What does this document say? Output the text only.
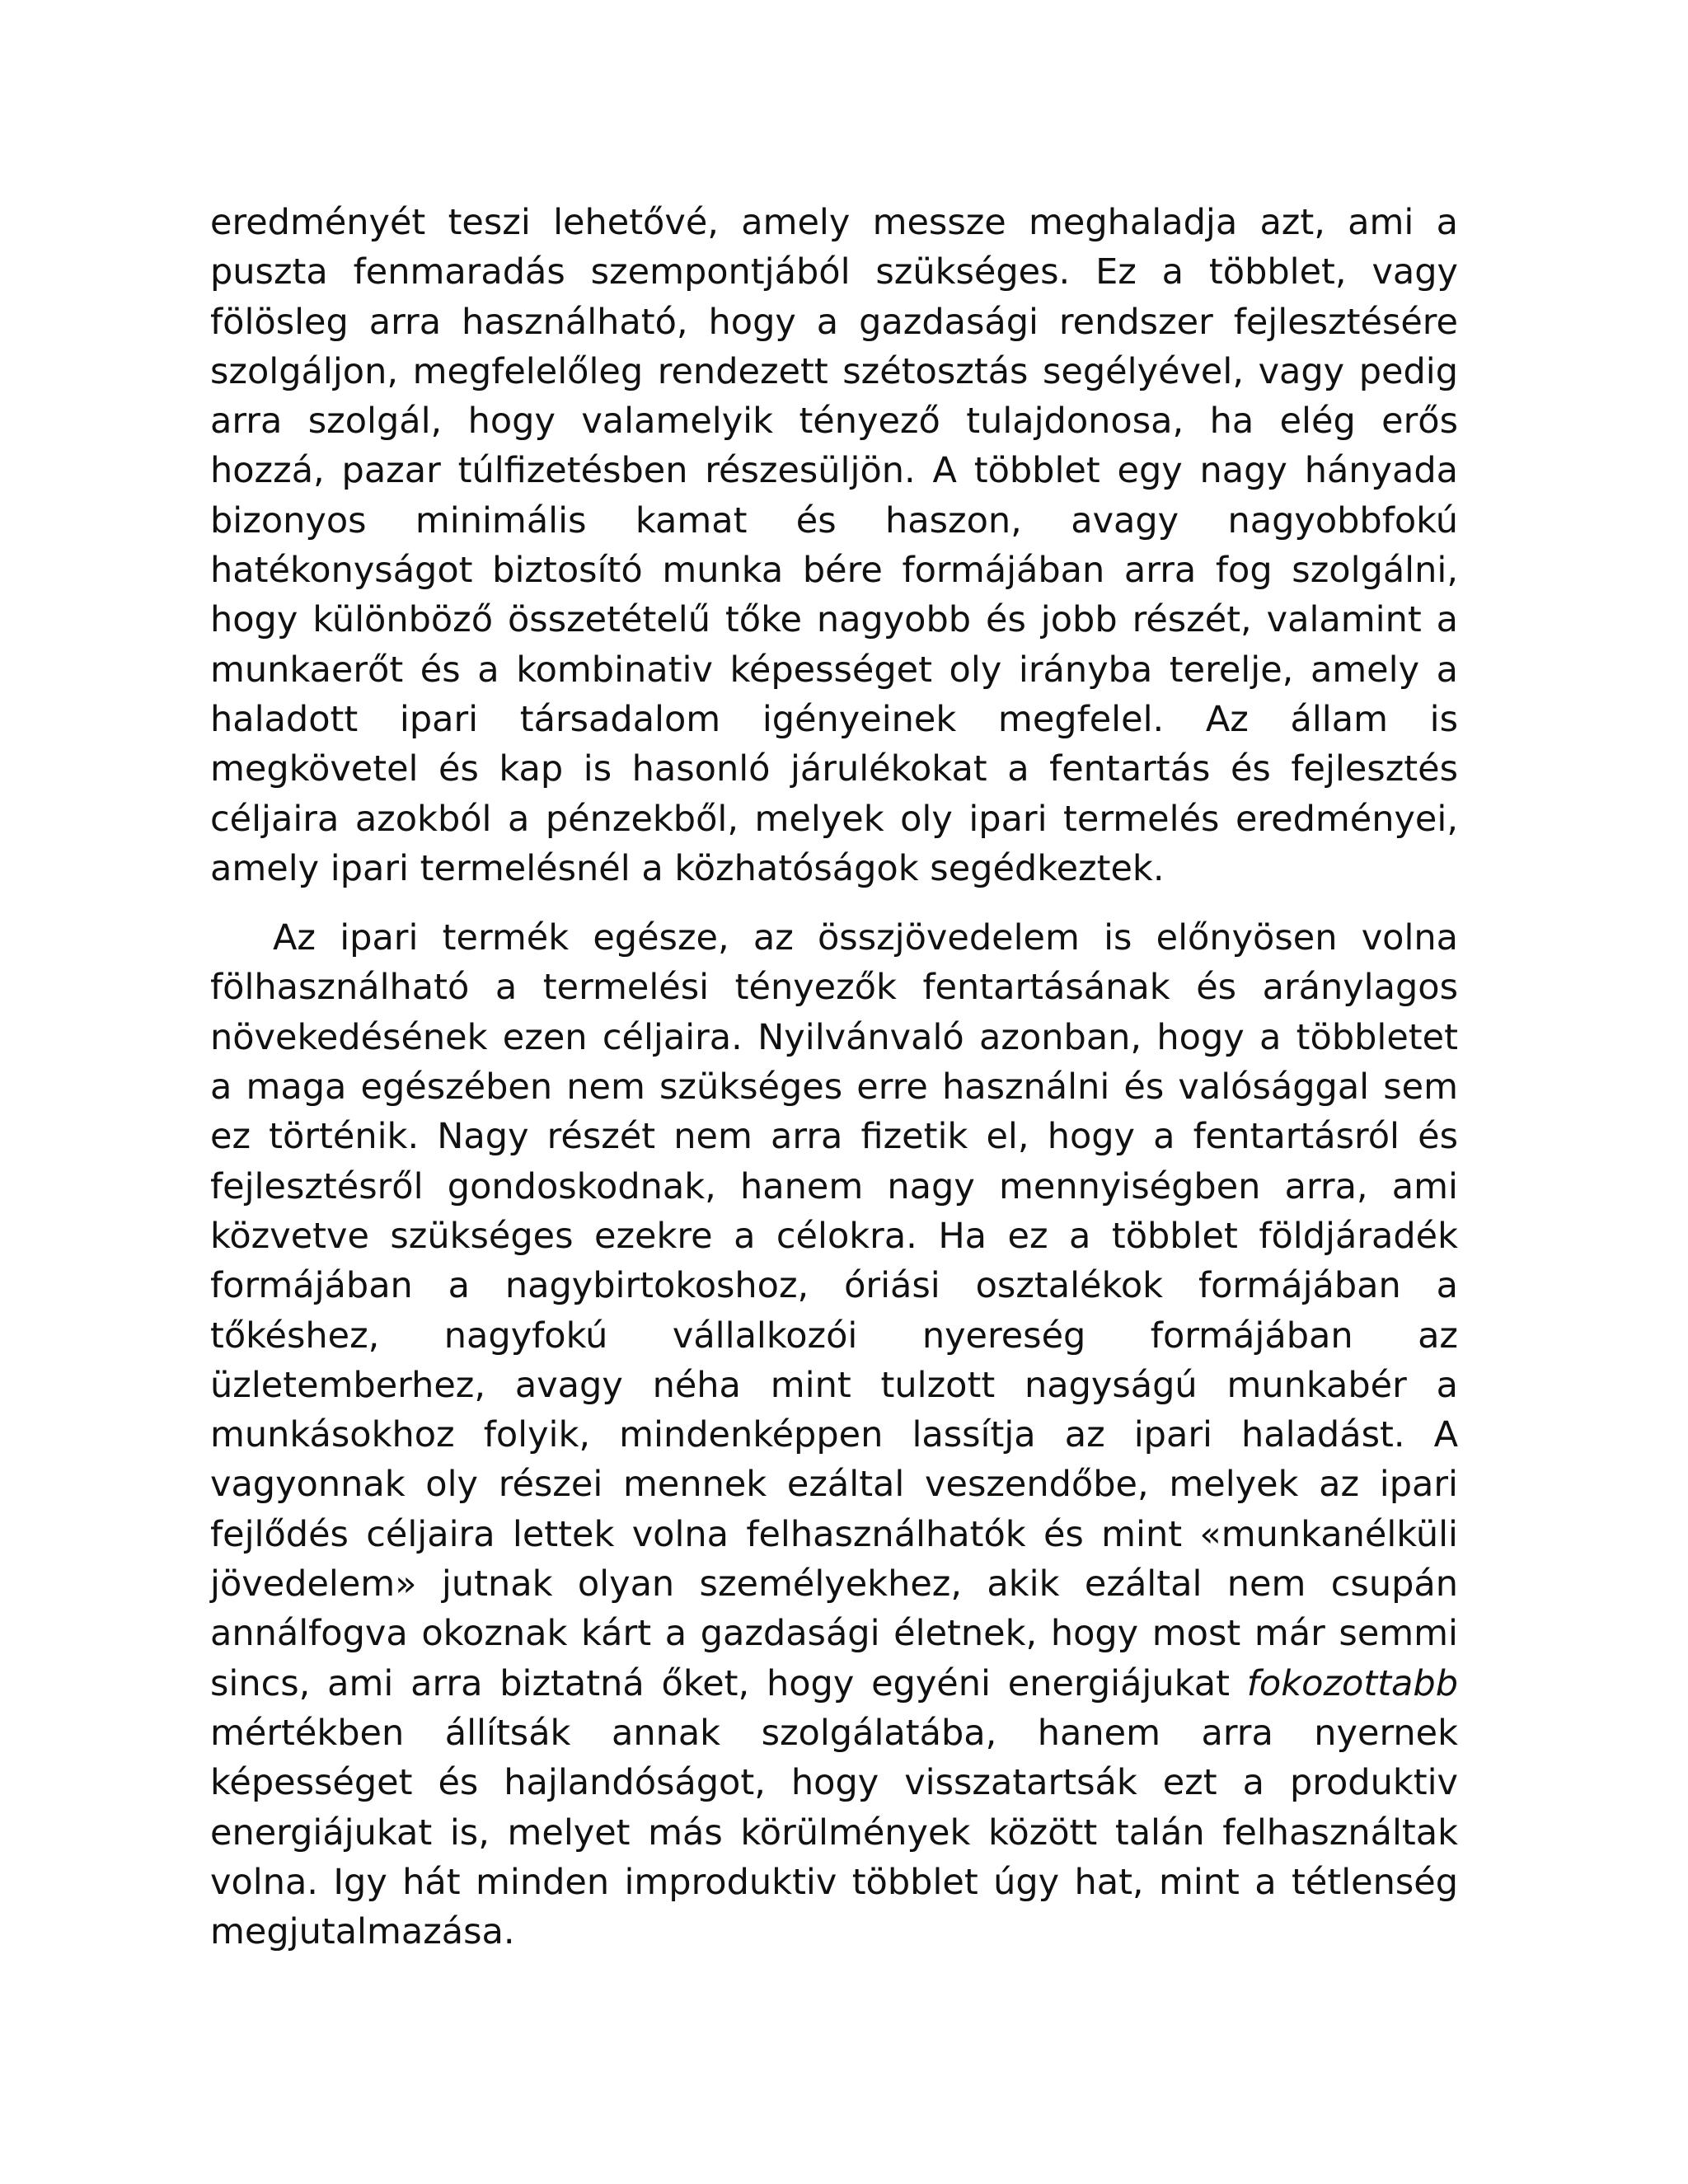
eredményét teszi lehetővé, amely messze meghaladja azt, ami a puszta fenmaradás szempontjából szükséges. Ez a többlet, vagy fölösleg arra használható, hogy a gazdasági rendszer fejlesztésére szolgáljon, megfelelőleg rendezett szétosztás segélyével, vagy pedig arra szolgál, hogy valamelyik tényező tulajdonosa, ha elég erős hozzá, pazar túlfizetésben részesüljön. A többlet egy nagy hányada bizonyos minimális kamat és haszon, avagy nagyobbfokú hatékonyságot biztosító munka bére formájában arra fog szolgálni, hogy különböző összetételű tőke nagyobb és jobb részét, valamint a munkaerőt és a kombinativ képességet oly irányba terelje, amely a haladott ipari társadalom igényeinek megfelel. Az állam is megkövetel és kap is hasonló járulékokat a fentartás és fejlesztés céljaira azokból a pénzekből, melyek oly ipari termelés eredményei, amely ipari termelésnél a közhatóságok segédkeztek.

Az ipari termék egésze, az összjövedelem is előnyösen volna fölhasználható a termelési tényezők fentartásának és aránylagos növekedésének ezen céljaira. Nyilvánvaló azonban, hogy a többletet a maga egészében nem szükséges erre használni és valósággal sem ez történik. Nagy részét nem arra fizetik el, hogy a fentartásról és fejlesztésről gondoskodnak, hanem nagy mennyiségben arra, ami közvetve szükséges ezekre a célokra. Ha ez a többlet földjáradék formájában a nagybirtokoshoz, óriási osztalékok formájában a tőkéshez, nagyfokú vállalkozói nyereség formájában az üzletemberhez, avagy néha mint tulzott nagyságú munkabér a munkásokhoz folyik, mindenképpen lassítja az ipari haladást. A vagyonnak oly részei mennek ezáltal veszendőbe, melyek az ipari fejlődés céljaira lettek volna felhasználhatók és mint «munkanélküli jövedelem» jutnak olyan személyekhez, akik ezáltal nem csupán annálfogva okoznak kárt a gazdasági életnek, hogy most már semmi sincs, ami arra biztatná őket, hogy egyéni energiájukat fokozottabb mértékben állítsák annak szolgálatába, hanem arra nyernek képességet és hajlandóságot, hogy visszatartsák ezt a produktiv energiájukat is, melyet más körülmények között talán felhasználtak volna. Igy hát minden improduktiv többlet úgy hat, mint a tétlenség megjutalmazása.
